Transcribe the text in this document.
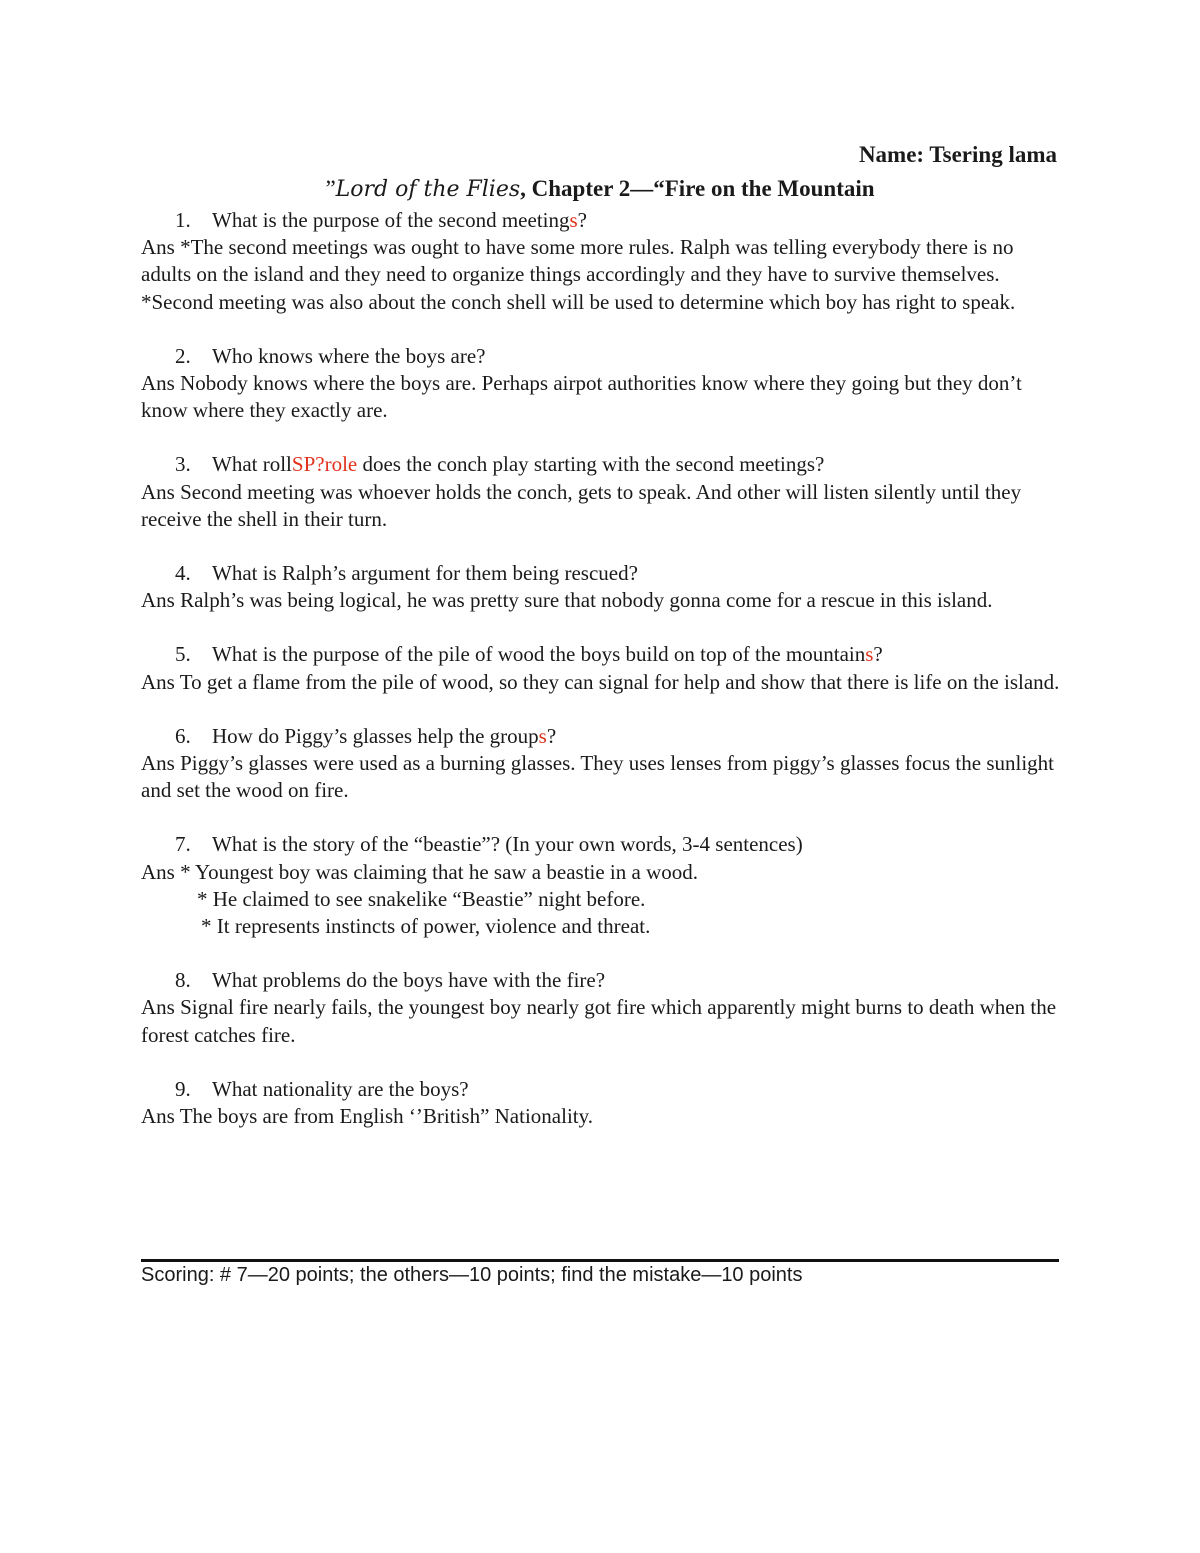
Name: Tsering lama
”Lord of the Flies, Chapter 2—“Fire on the Mountain
1. What is the purpose of the second meetings?
Ans *The second meetings was ought to have some more rules. Ralph was telling everybody there is no adults on the island and they need to organize things accordingly and they have to survive themselves.
*Second meeting was also about the conch shell will be used to determine which boy has right to speak.
2. Who knows where the boys are?
Ans Nobody knows where the boys are. Perhaps airpot authorities know where they going but they don’t know where they exactly are.
3. What rollSP?role does the conch play starting with the second meetings?
Ans Second meeting was whoever holds the conch, gets to speak. And other will listen silently until they receive the shell in their turn.
4. What is Ralph’s argument for them being rescued?
Ans Ralph’s was being logical, he was pretty sure that nobody gonna come for a rescue in this island.
5. What is the purpose of the pile of wood the boys build on top of the mountains?
Ans To get a flame from the pile of wood, so they can signal for help and show that there is life on the island.
6. How do Piggy’s glasses help the groups?
Ans Piggy’s glasses were used as a burning glasses. They uses lenses from piggy’s glasses focus the sunlight and set the wood on fire.
7. What is the story of the “beastie”? (In your own words, 3-4 sentences)
Ans * Youngest boy was claiming that he saw a beastie in a wood.
* He claimed to see snakelike “Beastie” night before.
* It represents instincts of power, violence and threat.
8. What problems do the boys have with the fire?
Ans Signal fire nearly fails, the youngest boy nearly got fire which apparently might burns to death when the forest catches fire.
9. What nationality are the boys?
Ans The boys are from English ‘’British” Nationality.
Scoring: # 7—20 points; the others—10 points; find the mistake—10 points
